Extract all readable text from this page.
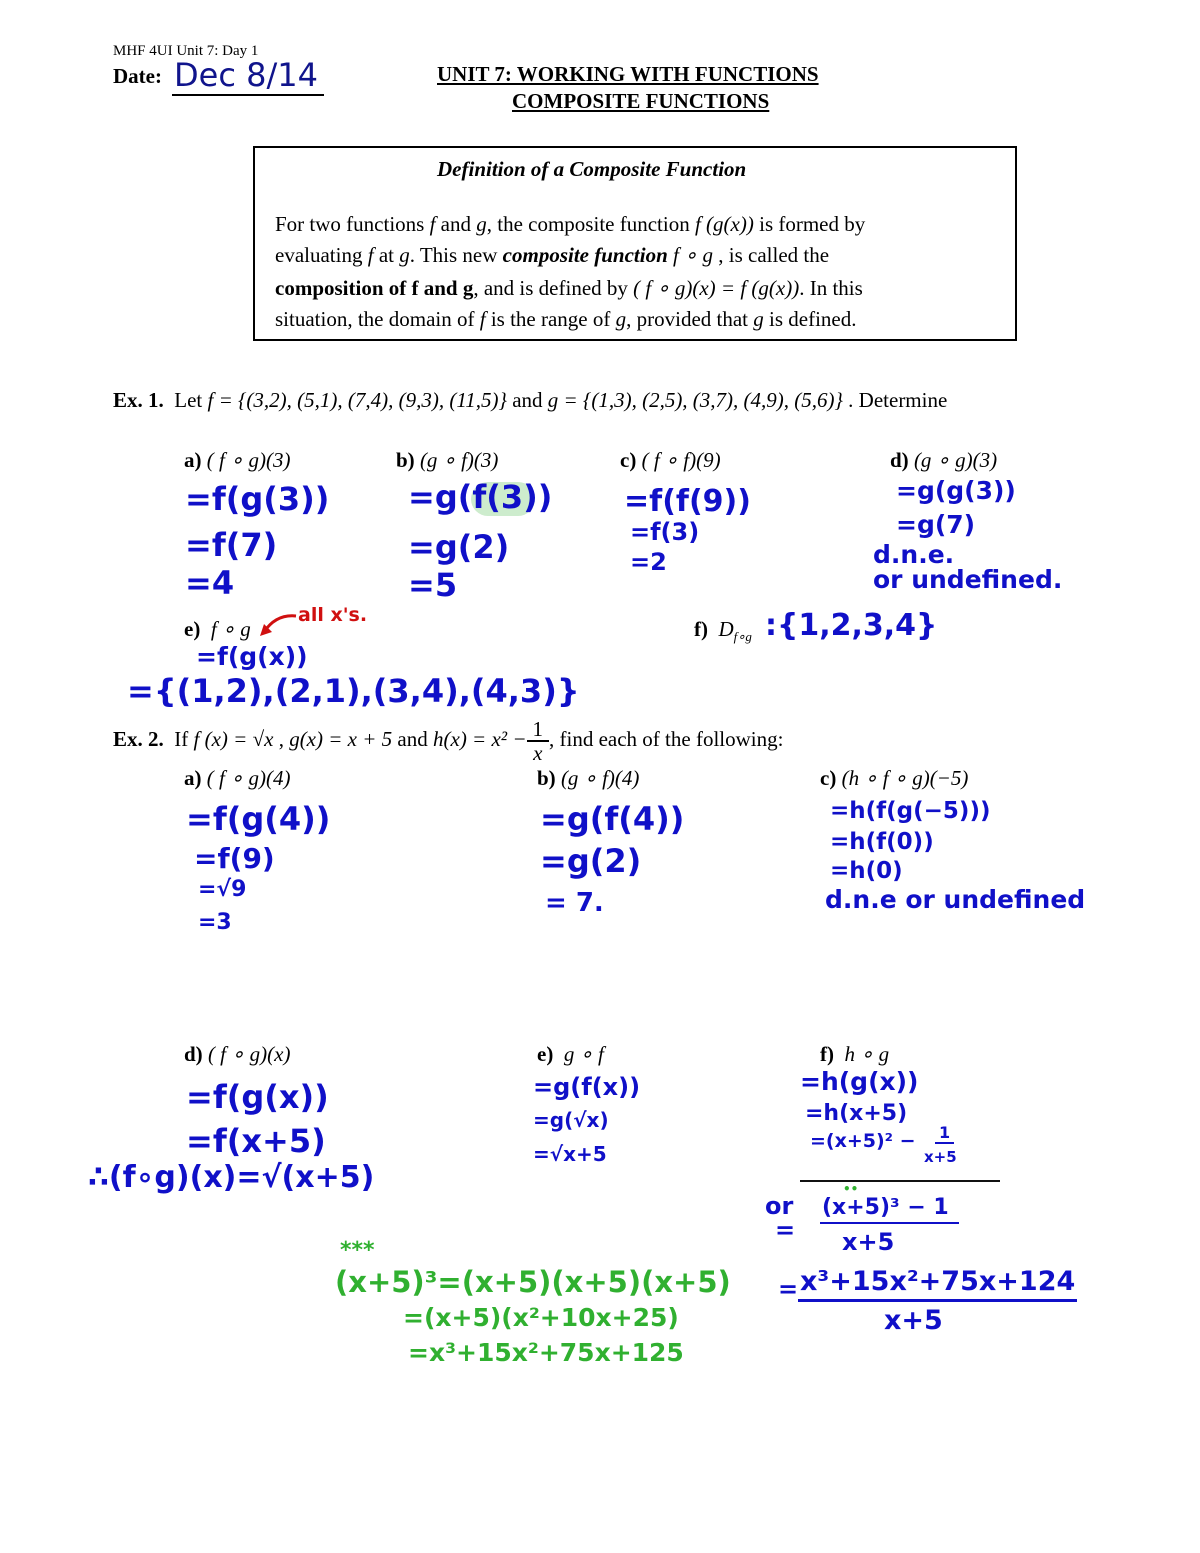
MHF 4UI Unit 7: Day 1
Date: Dec 8/14	UNIT 7: WORKING WITH FUNCTIONS
COMPOSITE FUNCTIONS
Definition of a Composite Function
For two functions f and g, the composite function f (g(x)) is formed by
evaluating f at g. This new composite function f ∘ g , is called the
composition of f and g, and is defined by ( f ∘ g)(x) = f (g(x)). In this
situation, the domain of f is the range of g, provided that g is defined.
Ex. 1. Let f = {(3,2), (5,1), (7,4), (9,3), (11,5)} and g = {(1,3), (2,5), (3,7), (4,9), (5,6)} . Determine
a) ( f ∘ g)(3)	b) (g ∘ f)(3)	c) ( f ∘ f)(9)	d) (g ∘ g)(3)
=f(g(3))
=f(7)
=4
=g(f(3))
=g(2)
=5
=f(f(9))
=f(3)
=2
=g(g(3))
=g(7)
d.n.e.
or undefined.
e) f ∘ g
all x's.
=f(g(x))
={(1,2),(2,1),(3,4),(4,3)}
f) $D_{f\circ g}$ :{1,2,3,4}
Ex. 2. If f (x) = √x , g(x) = x + 5 and $h(x) = x^2 - \frac{1}{x}$ , find each of the following:
a) ( f ∘ g)(4)	b) (g ∘ f)(4)	c) (h ∘ f ∘ g)(−5)
=f(g(4))
=f(9)
=√9
=3
=g(f(4))
=g(2)
= 7.
=h(f(g(−5)))
=h(f(0))
=h(0)
d.n.e or undefined
d) ( f ∘ g)(x)	e) g ∘ f	f) h ∘ g
=f(g(x))
=f(x+5)
∴(f∘g)(x)=√(x+5)
=g(f(x))
=g(√x)
=√x+5
=h(g(x))
=h(x+5)
=(x+5)² − 1
x+5
or
=
(x+5)³ − 1
••
x+5
= x³+15x²+75x+124
x+5
***
(x+5)³=(x+5)(x+5)(x+5)
=(x+5)(x²+10x+25)
=x³+15x²+75x+125
